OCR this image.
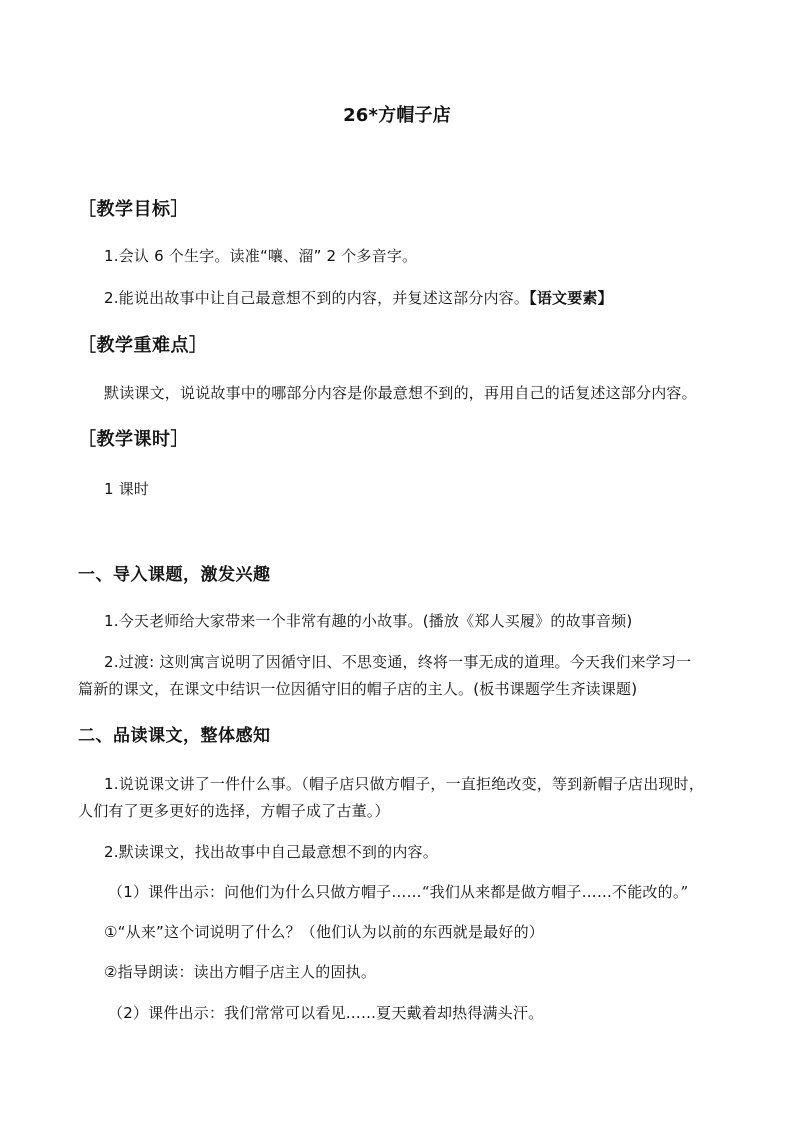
26*方帽子店
［教学目标］
1.会认 6 个生字。读准“嚷、溜” 2 个多音字。
2.能说出故事中让自己最意想不到的内容，并复述这部分内容。【语文要素】
［教学重难点］
默读课文，说说故事中的哪部分内容是你最意想不到的，再用自己的话复述这部分内容。
［教学课时］
1 课时
一、导入课题，激发兴趣
1.今天老师给大家带来一个非常有趣的小故事。(播放《郑人买履》的故事音频)
2.过渡: 这则寓言说明了因循守旧、不思变通，终将一事无成的道理。今天我们来学习一
篇新的课文，在课文中结识一位因循守旧的帽子店的主人。(板书课题学生齐读课题)
二、品读课文，整体感知
1.说说课文讲了一件什么事。（帽子店只做方帽子，一直拒绝改变，等到新帽子店出现时，
人们有了更多更好的选择，方帽子成了古董。）
2.默读课文，找出故事中自己最意想不到的内容。
（1）课件出示：问他们为什么只做方帽子……“我们从来都是做方帽子……不能改的。”
①“从来”这个词说明了什么？（他们认为以前的东西就是最好的）
②指导朗读：读出方帽子店主人的固执。
（2）课件出示：我们常常可以看见……夏天戴着却热得满头汗。
